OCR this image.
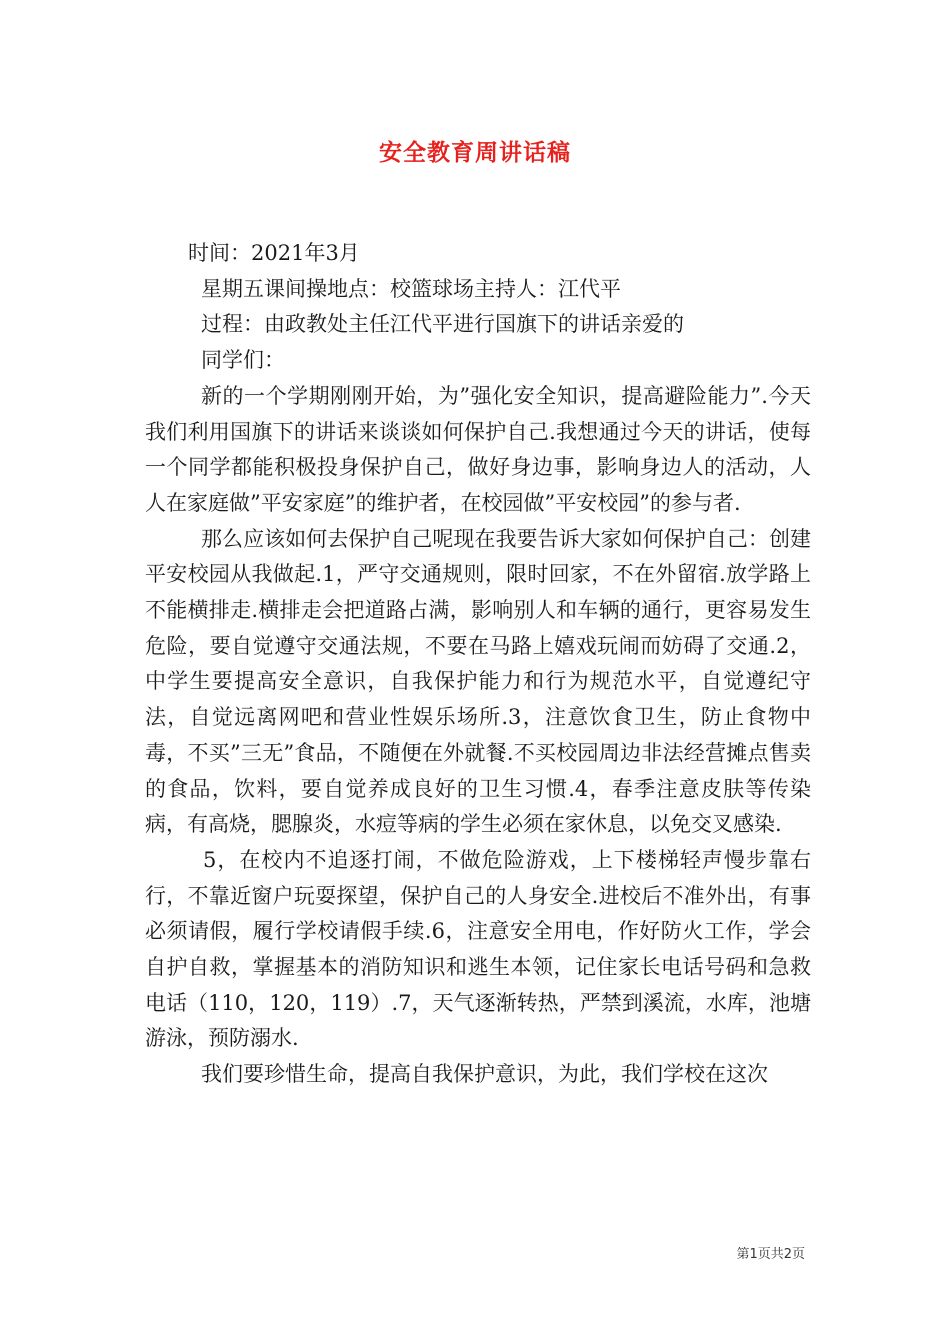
安全教育周讲话稿

时间：2021年3月

星期五课间操地点：校篮球场主持人：江代平

过程：由政教处主任江代平进行国旗下的讲话亲爱的

同学们：

新的一个学期刚刚开始，为”强化安全知识，提高避险能力”.今天我们利用国旗下的讲话来谈谈如何保护自己.我想通过今天的讲话，使每一个同学都能积极投身保护自己，做好身边事，影响身边人的活动，人人在家庭做”平安家庭”的维护者，在校园做”平安校园”的参与者.

那么应该如何去保护自己呢现在我要告诉大家如何保护自己：创建平安校园从我做起.1，严守交通规则，限时回家，不在外留宿.放学路上不能横排走.横排走会把道路占满，影响别人和车辆的通行，更容易发生危险，要自觉遵守交通法规，不要在马路上嬉戏玩闹而妨碍了交通.2，中学生要提高安全意识，自我保护能力和行为规范水平，自觉遵纪守法，自觉远离网吧和营业性娱乐场所.3，注意饮食卫生，防止食物中毒，不买”三无”食品，不随便在外就餐.不买校园周边非法经营摊点售卖的食品，饮料，要自觉养成良好的卫生习惯.4，春季注意皮肤等传染病，有高烧，腮腺炎，水痘等病的学生必须在家休息，以免交叉感染.

5，在校内不追逐打闹，不做危险游戏，上下楼梯轻声慢步靠右行，不靠近窗户玩耍探望，保护自己的人身安全.进校后不准外出，有事必须请假，履行学校请假手续.6，注意安全用电，作好防火工作，学会自护自救，掌握基本的消防知识和逃生本领，记住家长电话号码和急救电话（110，120，119）.7，天气逐渐转热，严禁到溪流，水库，池塘游泳，预防溺水.

我们要珍惜生命，提高自我保护意识，为此，我们学校在这次

第1页共2页
